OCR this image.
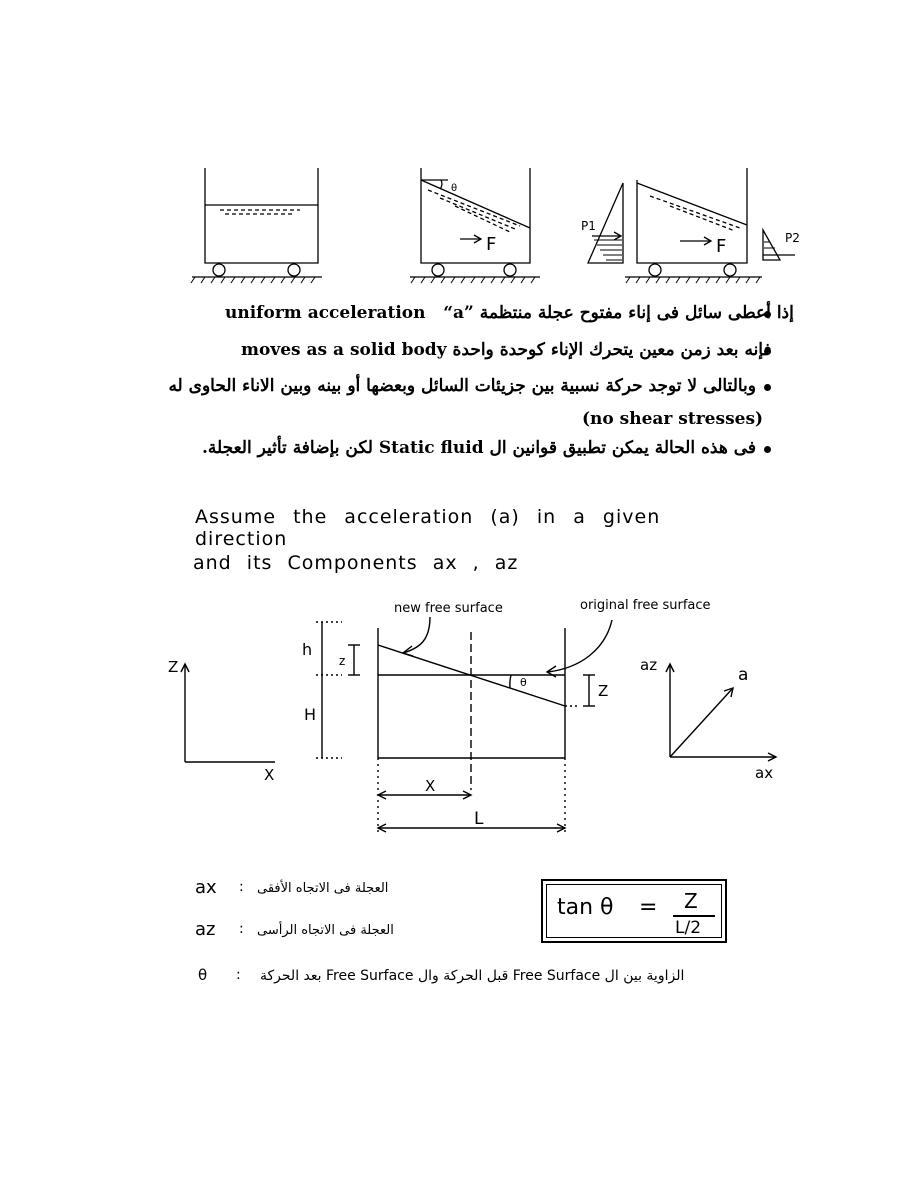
θ
F	F
P1
P2
uniform acceleration “a” إذا أعطى سائل فى إناء مفتوح عجلة منتظمة
moves as a solid body فإنه بعد زمن معين يتحرك الإناء كوحدة واحدة
وبالتالى لا توجد حركة نسبية بين جزيئات السائل وبعضها أو بينه وبين الاناء الحاوى له
(no shear stresses)
فى هذه الحالة يمكن تطبيق قوانين ال Static fluid لكن بإضافة تأثير العجلة.
Assume the acceleration (a) in a given direction
and its Components ax , az
new free surface	original free surface
Z
X
h
H
z
θ	Z
X
L
az	a
ax
ax : العجلة فى الاتجاه الأفقى
az : العجلة فى الاتجاه الرأسى
θ : الزاوية بين ال Free Surface قبل الحركة وال Free Surface بعد الحركة
tan θ = Z
L/2
